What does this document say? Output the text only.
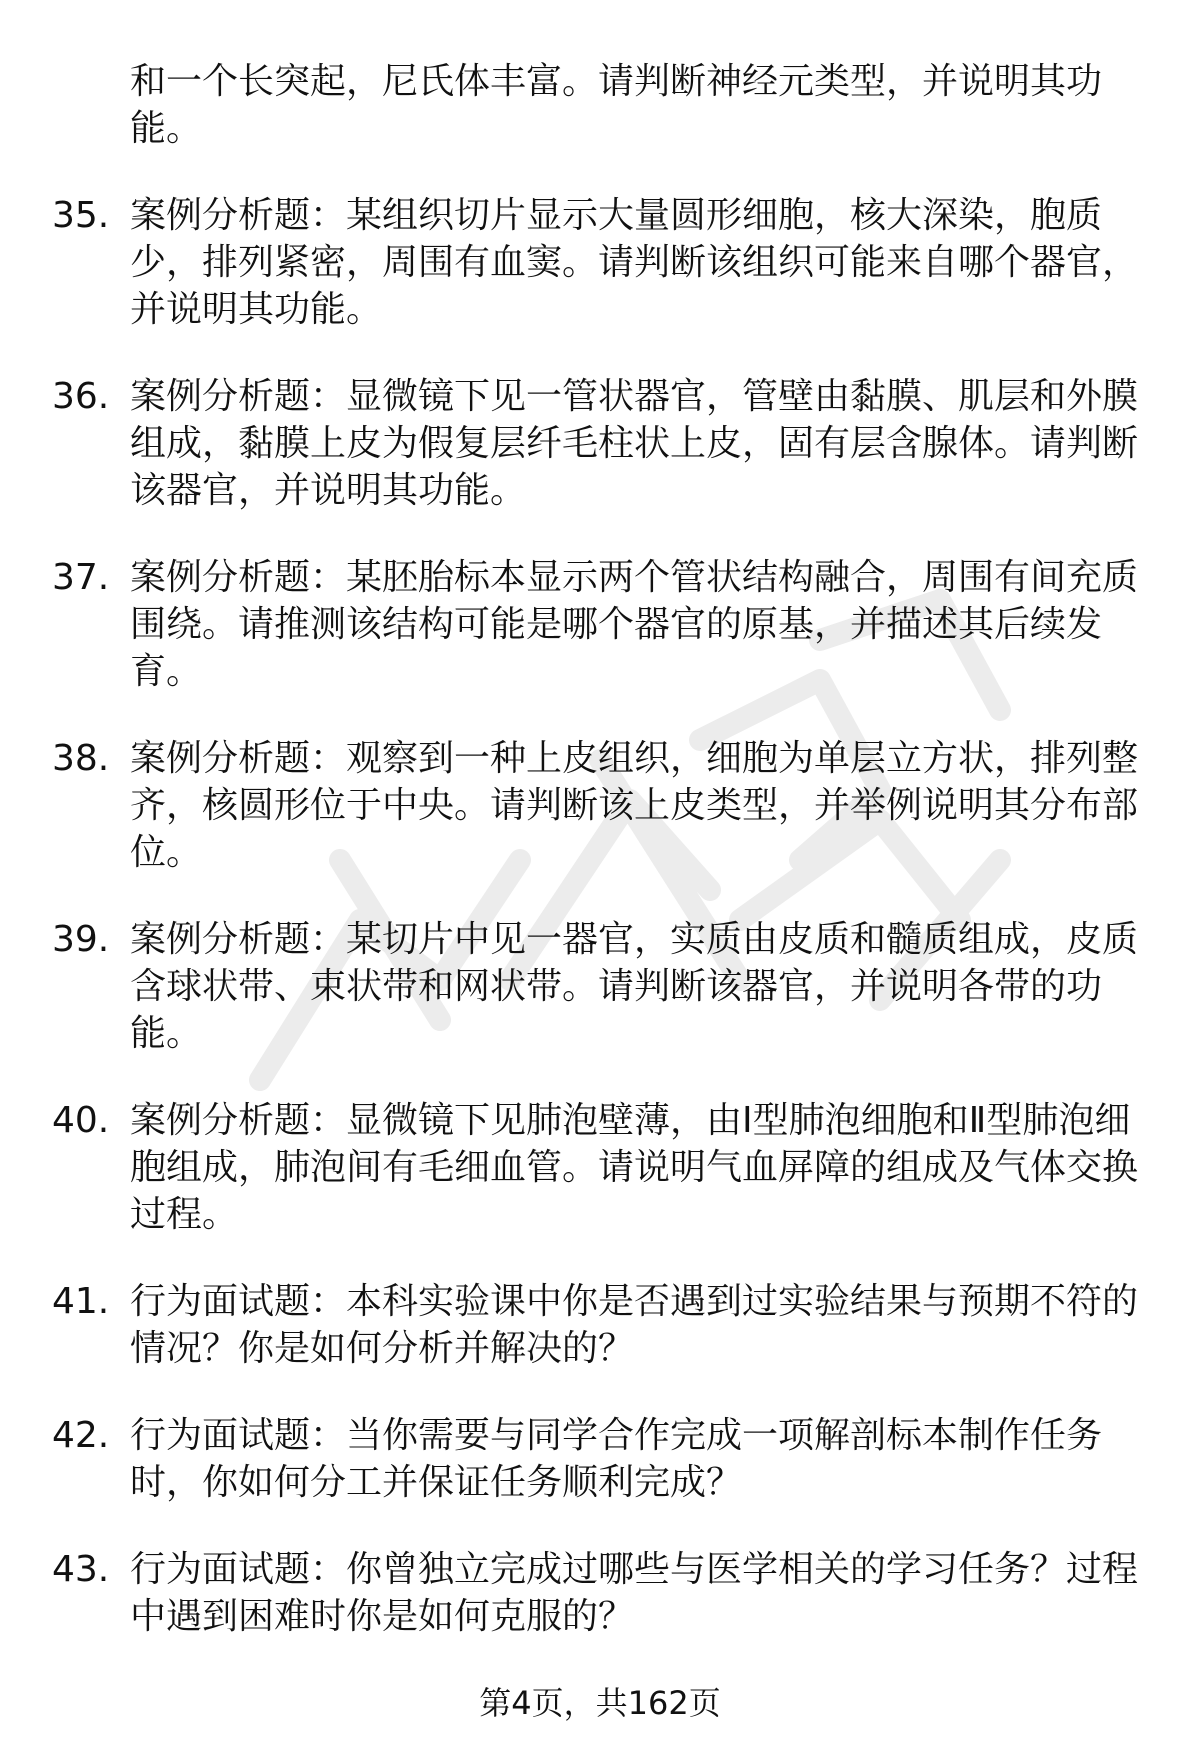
和一个长突起，尼氏体丰富。请判断神经元类型，并说明其功能。
35. 案例分析题：某组织切片显示大量圆形细胞，核大深染，胞质少，排列紧密，周围有血窦。请判断该组织可能来自哪个器官，并说明其功能。
36. 案例分析题：显微镜下见一管状器官，管壁由黏膜、肌层和外膜组成，黏膜上皮为假复层纤毛柱状上皮，固有层含腺体。请判断该器官，并说明其功能。
37. 案例分析题：某胚胎标本显示两个管状结构融合，周围有间充质围绕。请推测该结构可能是哪个器官的原基，并描述其后续发育。
38. 案例分析题：观察到一种上皮组织，细胞为单层立方状，排列整齐，核圆形位于中央。请判断该上皮类型，并举例说明其分布部位。
39. 案例分析题：某切片中见一器官，实质由皮质和髓质组成，皮质含球状带、束状带和网状带。请判断该器官，并说明各带的功能。
40. 案例分析题：显微镜下见肺泡壁薄，由Ⅰ型肺泡细胞和Ⅱ型肺泡细胞组成，肺泡间有毛细血管。请说明气血屏障的组成及气体交换过程。
41. 行为面试题：本科实验课中你是否遇到过实验结果与预期不符的情况？你是如何分析并解决的？
42. 行为面试题：当你需要与同学合作完成一项解剖标本制作任务时，你如何分工并保证任务顺利完成？
43. 行为面试题：你曾独立完成过哪些与医学相关的学习任务？过程中遇到困难时你是如何克服的？
第4页，共162页
